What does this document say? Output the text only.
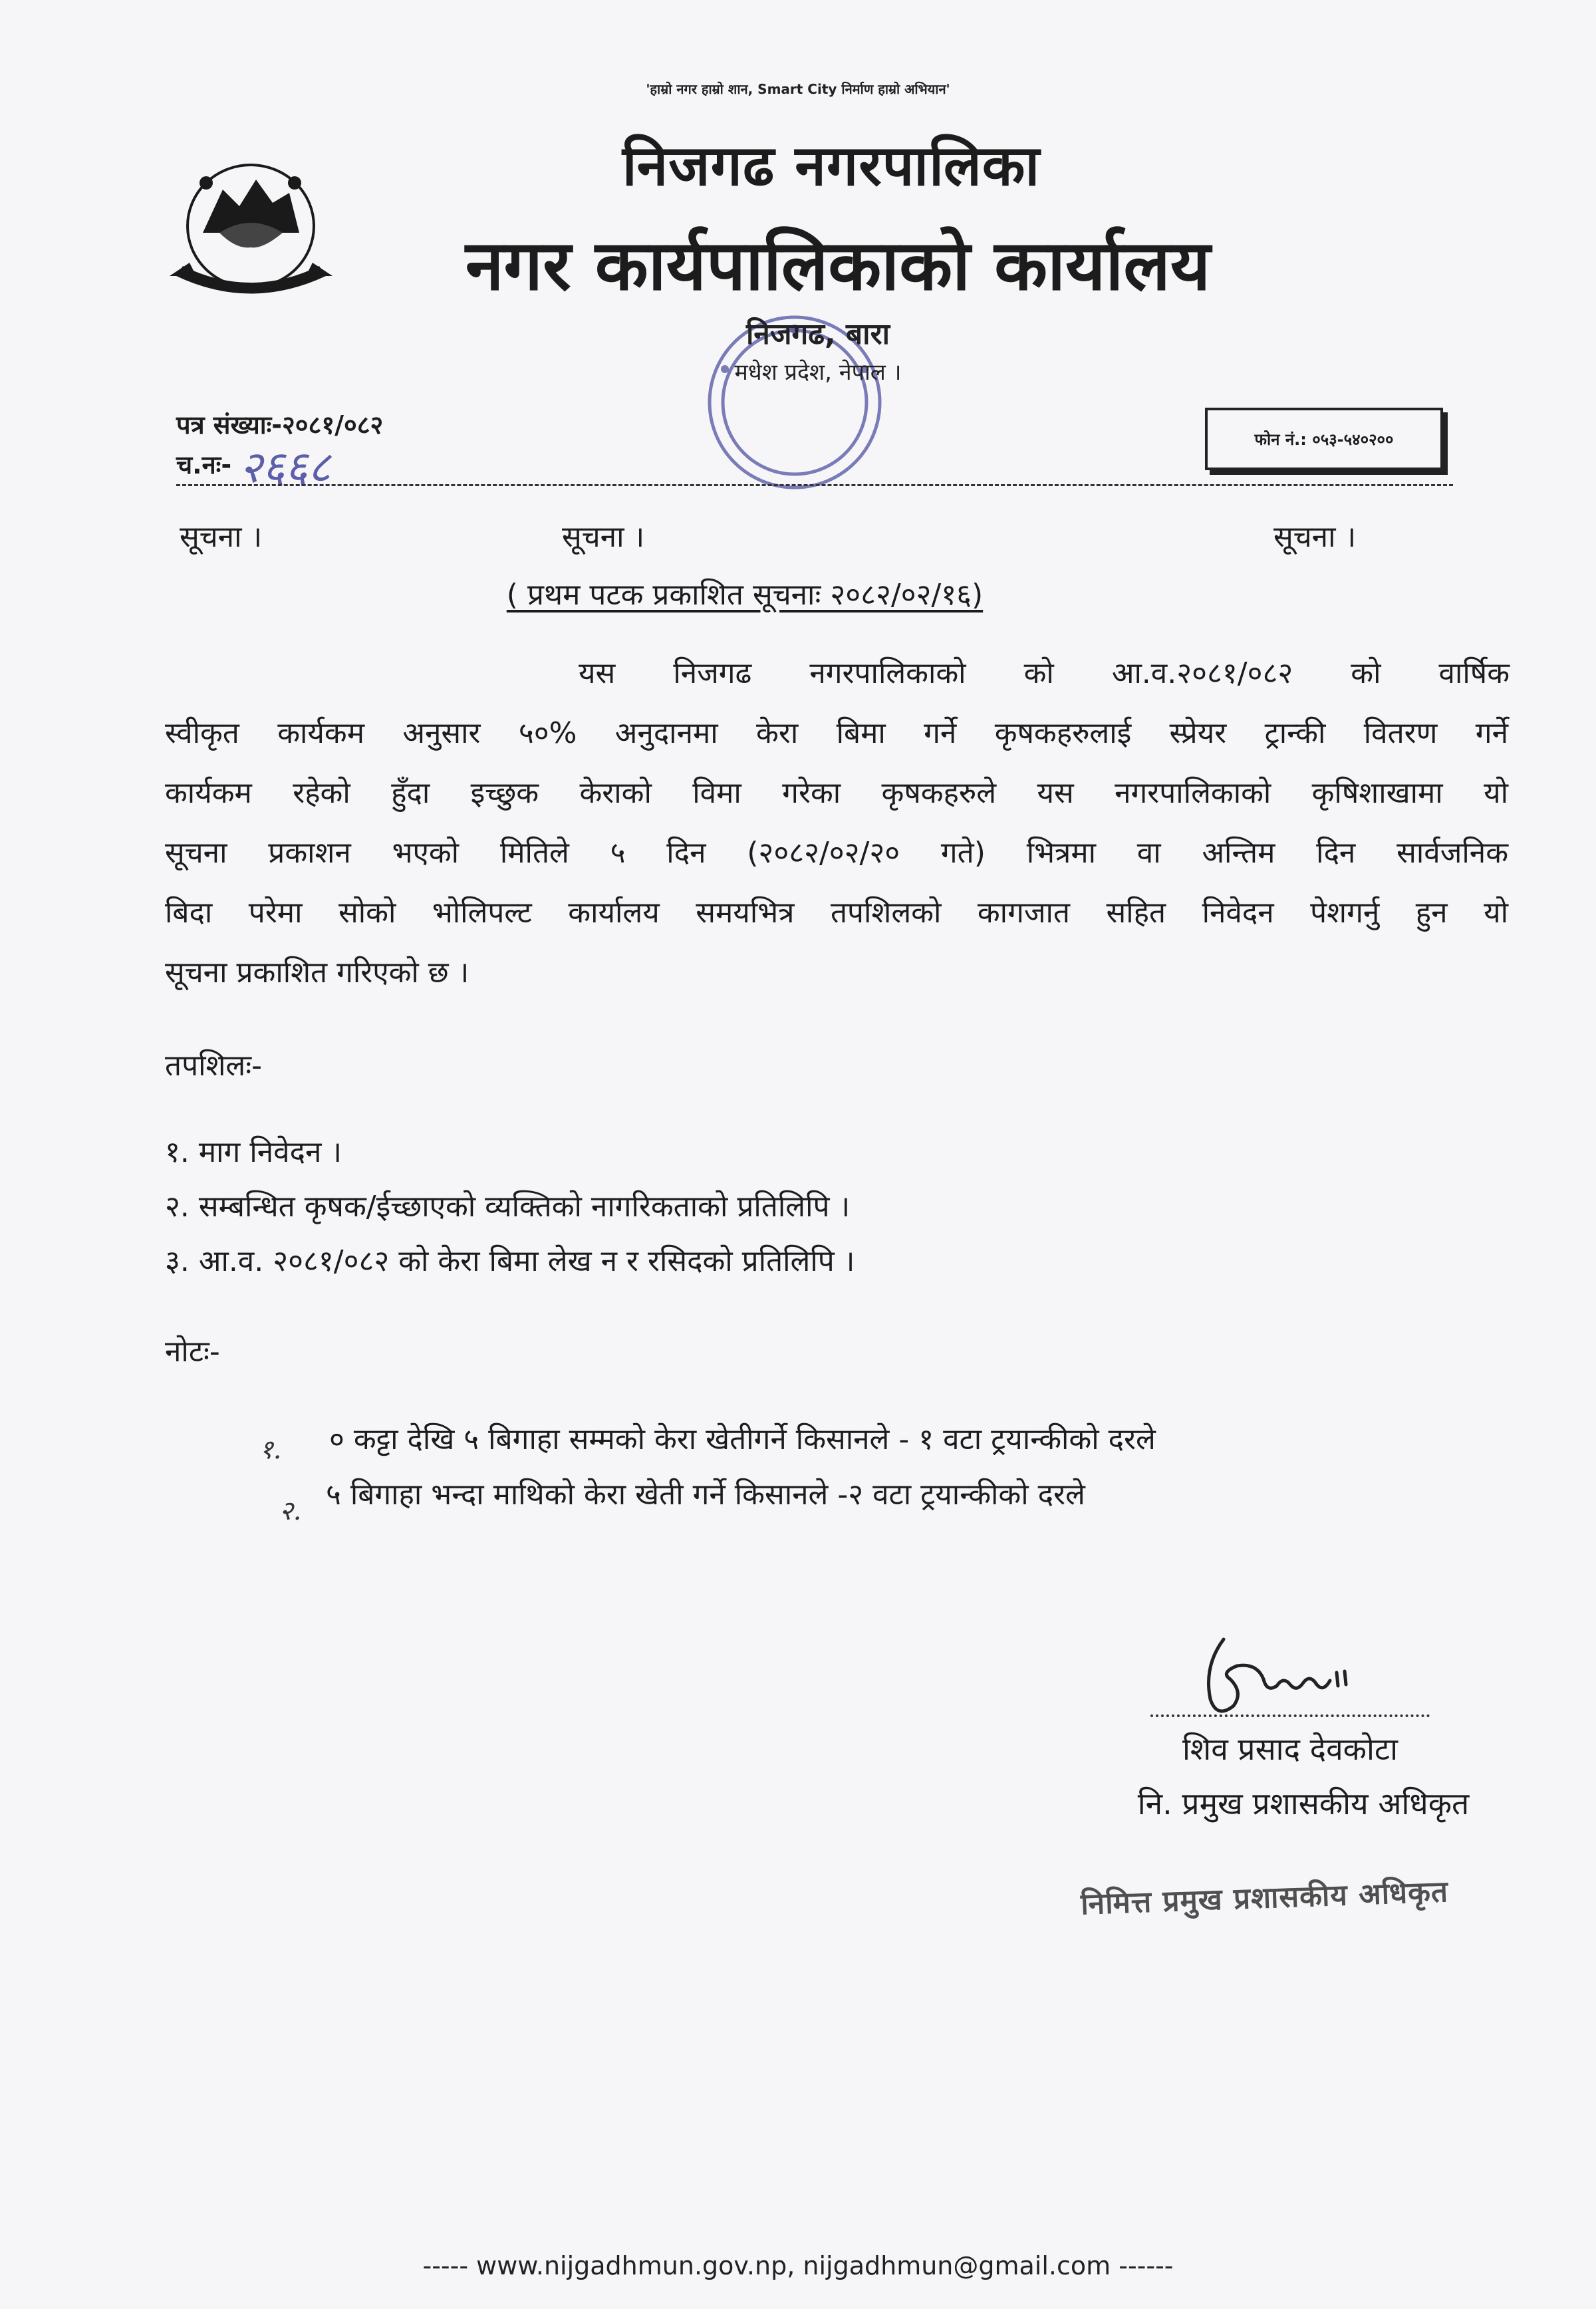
'हाम्रो नगर हाम्रो शान, Smart City निर्माण हाम्रो अभियान'
निजगढ नगरपालिका
नगर कार्यपालिकाको कार्यालय
निजगढ, बारा
मधेश प्रदेश, नेपाल ।
पत्र संख्याः-२०८१/०८२
च.नः- २६६८
फोन नं.: ०५३-५४०२००
सूचना ।	सूचना ।	सूचना ।
( प्रथम पटक प्रकाशित सूचनाः २०८२/०२/१६)
यस निजगढ नगरपालिकाको को आ.व.२०८१/०८२ को वार्षिक
स्वीकृत कार्यकम अनुसार ५०% अनुदानमा केरा बिमा गर्ने कृषकहरुलाई स्प्रेयर ट्रान्की वितरण गर्ने
कार्यकम रहेको हुँदा इच्छुक केराको विमा गरेका कृषकहरुले यस नगरपालिकाको कृषिशाखामा यो
सूचना प्रकाशन भएको मितिले ५ दिन (२०८२/०२/२० गते) भित्रमा वा अन्तिम दिन सार्वजनिक
बिदा परेमा सोको भोलिपल्ट कार्यालय समयभित्र तपशिलको कागजात सहित निवेदन पेशगर्नु हुन यो
सूचना प्रकाशित गरिएको छ ।
तपशिलः-
१. माग निवेदन ।
२. सम्बन्धित कृषक/ईच्छाएको व्यक्तिको नागरिकताको प्रतिलिपि ।
३. आ.व. २०८१/०८२ को केरा बिमा लेख न र रसिदको प्रतिलिपि ।
नोटः-
१. ० कट्टा देखि ५ बिगाहा सम्मको केरा खेतीगर्ने किसानले - १ वटा ट्रयान्कीको दरले
२. ५ बिगाहा भन्दा माथिको केरा खेती गर्ने किसानले -२ वटा ट्रयान्कीको दरले
शिव प्रसाद देवकोटा
नि. प्रमुख प्रशासकीय अधिकृत
निमित्त प्रमुख प्रशासकीय अधिकृत
----- www.nijgadhmun.gov.np, nijgadhmun@gmail.com ------
